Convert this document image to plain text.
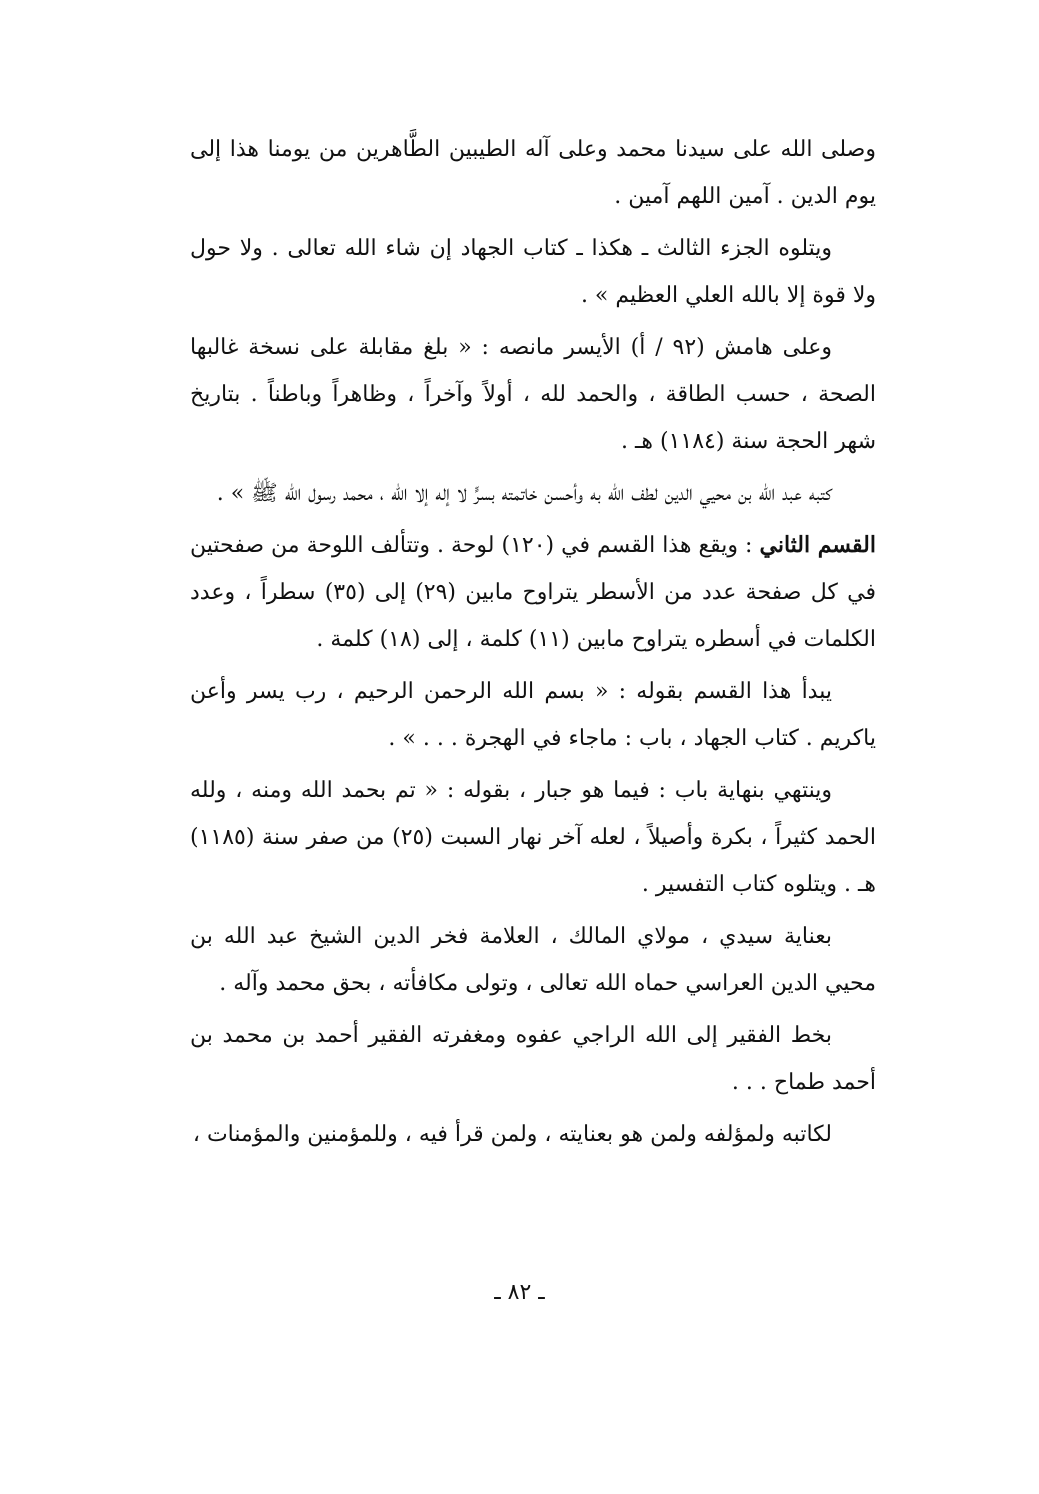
وصلى الله على سيدنا محمد وعلى آله الطيبين الطَّاهرين من يومنا هذا إلى يوم الدين . آمين اللهم آمين .

ويتلوه الجزء الثالث ـ هكذا ـ كتاب الجهاد إن شاء الله تعالى . ولا حول ولا قوة إلا بالله العلي العظيم » .

وعلى هامش (٩٢ / أ) الأيسر مانصه : « بلغ مقابلة على نسخة غالبها الصحة ، حسب الطاقة ، والحمد لله ، أولاً وآخراً ، وظاهراً وباطناً . بتاريخ شهر الحجة سنة (١١٨٤) هـ .

كتبه عبد الله بن محيي الدين لطف الله به وأحسن خاتمته بسرٍّ لا إله إلا الله ، محمد رسول الله ﷺ » .

القسم الثاني : ويقع هذا القسم في (١٢٠) لوحة . وتتألف اللوحة من صفحتين في كل صفحة عدد من الأسطر يتراوح مابين (٢٩) إلى (٣٥) سطراً ، وعدد الكلمات في أسطره يتراوح مابين (١١) كلمة ، إلى (١٨) كلمة .

يبدأ هذا القسم بقوله : « بسم الله الرحمن الرحيم ، رب يسر وأعن ياكريم . كتاب الجهاد ، باب : ماجاء في الهجرة . . . » .

وينتهي بنهاية باب : فيما هو جبار ، بقوله : « تم بحمد الله ومنه ، ولله الحمد كثيراً ، بكرة وأصيلاً ، لعله آخر نهار السبت (٢٥) من صفر سنة (١١٨٥) هـ . ويتلوه كتاب التفسير .

بعناية سيدي ، مولاي المالك ، العلامة فخر الدين الشيخ عبد الله بن محيي الدين العراسي حماه الله تعالى ، وتولى مكافأته ، بحق محمد وآله .

بخط الفقير إلى الله الراجي عفوه ومغفرته الفقير أحمد بن محمد بن أحمد طماح . . .

لكاتبه ولمؤلفه ولمن هو بعنايته ، ولمن قرأ فيه ، وللمؤمنين والمؤمنات ،

ـ ٨٢ ـ
